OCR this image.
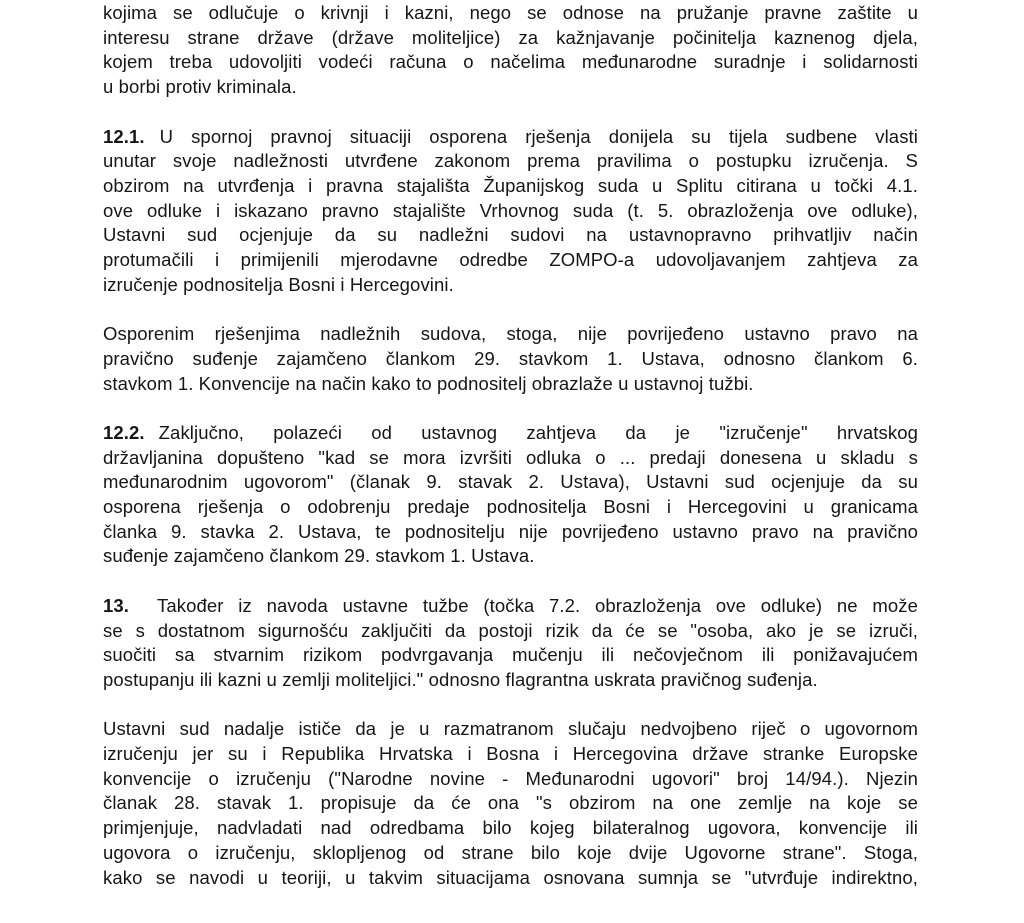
kojima se odlučuje o krivnji i kazni, nego se odnose na pružanje pravne zaštite u
interesu strane države (države moliteljice) za kažnjavanje počinitelja kaznenog djela,
kojem treba udovoljiti vodeći računa o načelima međunarodne suradnje i solidarnosti
u borbi protiv kriminala.
12.1. U spornoj pravnoj situaciji osporena rješenja donijela su tijela sudbene vlasti
unutar svoje nadležnosti utvrđene zakonom prema pravilima o postupku izručenja. S
obzirom na utvrđenja i pravna stajališta Županijskog suda u Splitu citirana u točki 4.1.
ove odluke i iskazano pravno stajalište Vrhovnog suda (t. 5. obrazloženja ove odluke),
Ustavni sud ocjenjuje da su nadležni sudovi na ustavnopravno prihvatljiv način
protumačili i primijenili mjerodavne odredbe ZOMPO-a udovoljavanjem zahtjeva za
izručenje podnositelja Bosni i Hercegovini.
Osporenim rješenjima nadležnih sudova, stoga, nije povrijeđeno ustavno pravo na
pravično suđenje zajamčeno člankom 29. stavkom 1. Ustava, odnosno člankom 6.
stavkom 1. Konvencije na način kako to podnositelj obrazlaže u ustavnoj tužbi.
12.2. Zaključno, polazeći od ustavnog zahtjeva da je "izručenje" hrvatskog
državljanina dopušteno "kad se mora izvršiti odluka o ... predaji donesena u skladu s
međunarodnim ugovorom" (članak 9. stavak 2. Ustava), Ustavni sud ocjenjuje da su
osporena rješenja o odobrenju predaje podnositelja Bosni i Hercegovini u granicama
članka 9. stavka 2. Ustava, te podnositelju nije povrijeđeno ustavno pravo na pravično
suđenje zajamčeno člankom 29. stavkom 1. Ustava.
13. Također iz navoda ustavne tužbe (točka 7.2. obrazloženja ove odluke) ne može
se s dostatnom sigurnošću zaključiti da postoji rizik da će se "osoba, ako je se izruči,
suočiti sa stvarnim rizikom podvrgavanja mučenju ili nečovječnom ili ponižavajućem
postupanju ili kazni u zemlji moliteljici." odnosno flagrantna uskrata pravičnog suđenja.
Ustavni sud nadalje ističe da je u razmatranom slučaju nedvojbeno riječ o ugovornom
izručenju jer su i Republika Hrvatska i Bosna i Hercegovina države stranke Europske
konvencije o izručenju ("Narodne novine - Međunarodni ugovori" broj 14/94.). Njezin
članak 28. stavak 1. propisuje da će ona "s obzirom na one zemlje na koje se
primjenjuje, nadvladati nad odredbama bilo kojeg bilateralnog ugovora, konvencije ili
ugovora o izručenju, sklopljenog od strane bilo koje dvije Ugovorne strane". Stoga,
kako se navodi u teoriji, u takvim situacijama osnovana sumnja se "utvrđuje indirektno,
